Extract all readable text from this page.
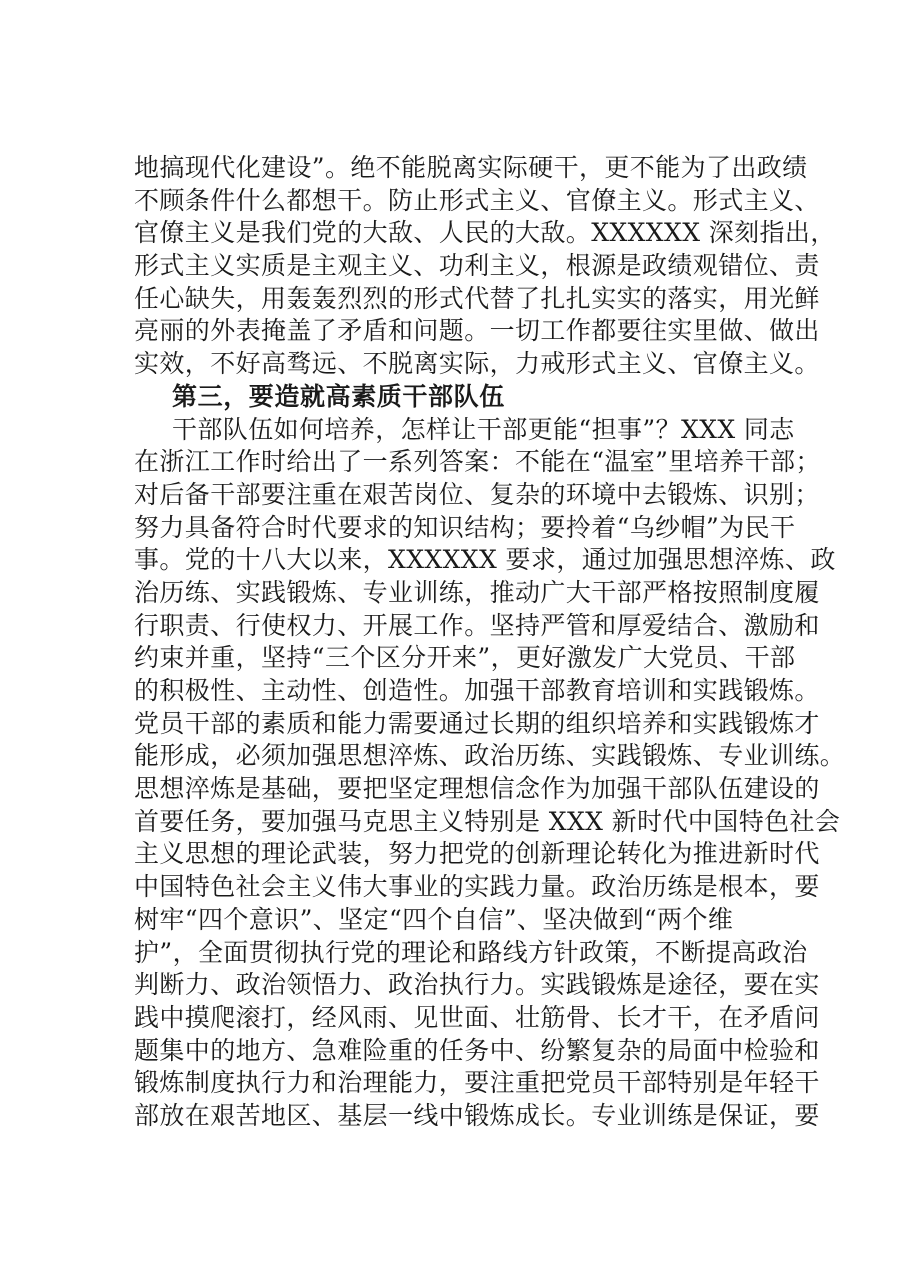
地搞现代化建设”。绝不能脱离实际硬干，更不能为了出政绩
不顾条件什么都想干。防止形式主义、官僚主义。形式主义、
官僚主义是我们党的大敌、人民的大敌。XXXXXX 深刻指出，
形式主义实质是主观主义、功利主义，根源是政绩观错位、责
任心缺失，用轰轰烈烈的形式代替了扎扎实实的落实，用光鲜
亮丽的外表掩盖了矛盾和问题。一切工作都要往实里做、做出
实效，不好高骛远、不脱离实际，力戒形式主义、官僚主义。
第三，要造就高素质干部队伍
干部队伍如何培养，怎样让干部更能“担事”？XXX 同志
在浙江工作时给出了一系列答案：不能在“温室”里培养干部；
对后备干部要注重在艰苦岗位、复杂的环境中去锻炼、识别；
努力具备符合时代要求的知识结构；要拎着“乌纱帽”为民干
事。党的十八大以来，XXXXXX 要求，通过加强思想淬炼、政
治历练、实践锻炼、专业训练，推动广大干部严格按照制度履
行职责、行使权力、开展工作。坚持严管和厚爱结合、激励和
约束并重，坚持“三个区分开来”，更好激发广大党员、干部
的积极性、主动性、创造性。加强干部教育培训和实践锻炼。
党员干部的素质和能力需要通过长期的组织培养和实践锻炼才
能形成，必须加强思想淬炼、政治历练、实践锻炼、专业训练。
思想淬炼是基础，要把坚定理想信念作为加强干部队伍建设的
首要任务，要加强马克思主义特别是 XXX 新时代中国特色社会
主义思想的理论武装，努力把党的创新理论转化为推进新时代
中国特色社会主义伟大事业的实践力量。政治历练是根本，要
树牢“四个意识”、坚定“四个自信”、坚决做到“两个维
护”，全面贯彻执行党的理论和路线方针政策，不断提高政治
判断力、政治领悟力、政治执行力。实践锻炼是途径，要在实
践中摸爬滚打，经风雨、见世面、壮筋骨、长才干，在矛盾问
题集中的地方、急难险重的任务中、纷繁复杂的局面中检验和
锻炼制度执行力和治理能力，要注重把党员干部特别是年轻干
部放在艰苦地区、基层一线中锻炼成长。专业训练是保证，要
